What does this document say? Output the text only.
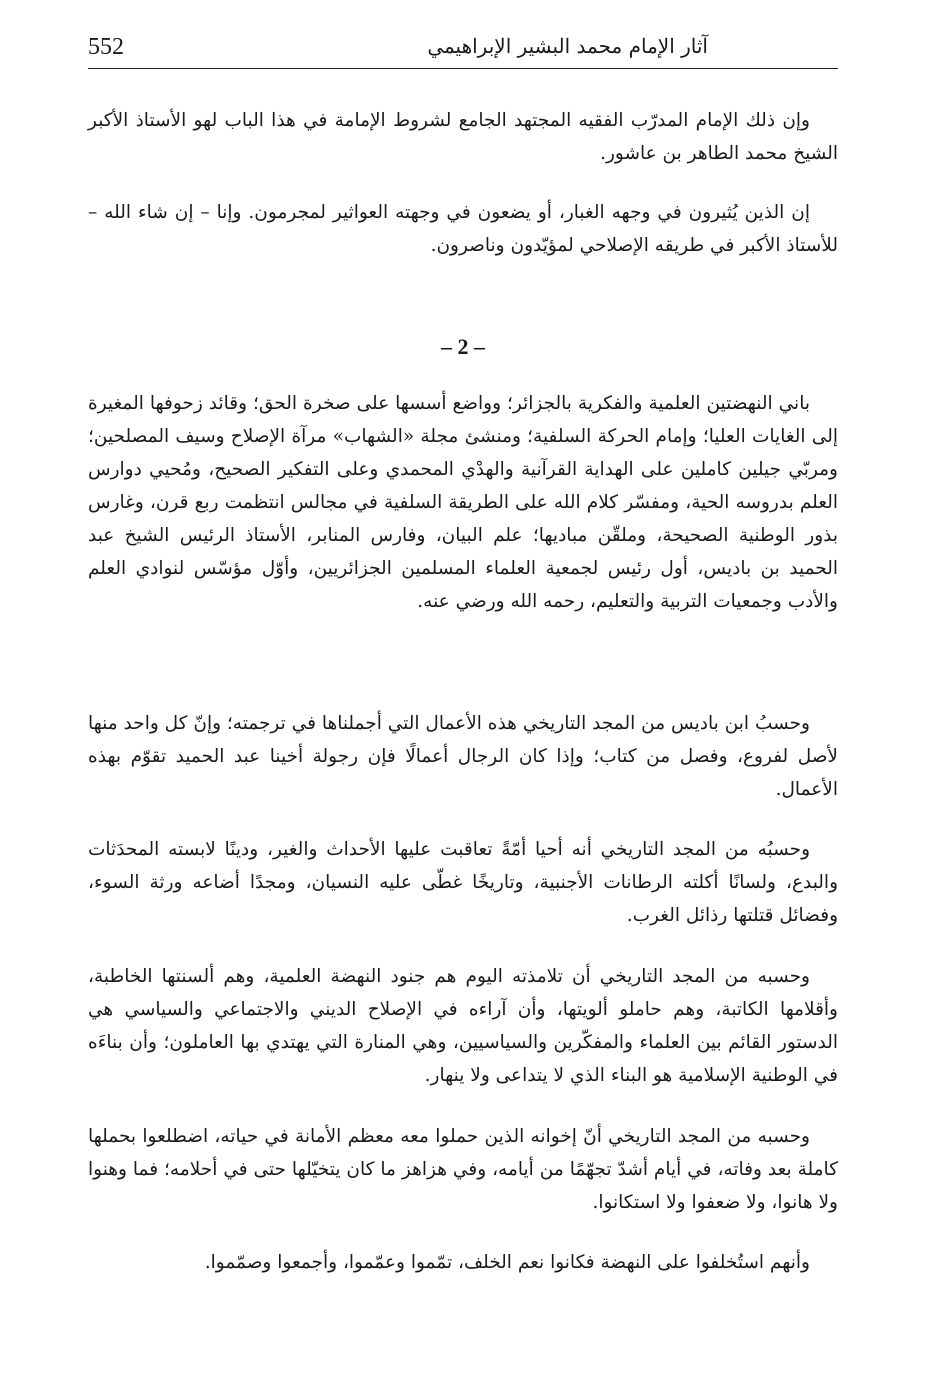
552	آثار الإمام محمد البشير الإبراهيمي

وإن ذلك الإمام المدرّب الفقيه المجتهد الجامع لشروط الإمامة في هذا الباب لهو الأستاذ الأكبر الشيخ محمد الطاهر بن عاشور.

إن الذين يُثيرون في وجهه الغبار، أو يضعون في وجهته العواثير لمجرمون. وإنا – إن شاء الله – للأستاذ الأكبر في طريقه الإصلاحي لمؤيّدون وناصرون.

– 2 –

باني النهضتين العلمية والفكرية بالجزائر؛ وواضع أسسها على صخرة الحق؛ وقائد زحوفها المغيرة إلى الغايات العليا؛ وإمام الحركة السلفية؛ ومنشئ مجلة «الشهاب» مرآة الإصلاح وسيف المصلحين؛ ومربّي جيلين كاملين على الهداية القرآنية والهدْي المحمدي وعلى التفكير الصحيح، ومُحيي دوارس العلم بدروسه الحية، ومفسّر كلام الله على الطريقة السلفية في مجالس انتظمت ربع قرن، وغارس بذور الوطنية الصحيحة، وملقّن مباديها؛ علم البيان، وفارس المنابر، الأستاذ الرئيس الشيخ عبد الحميد بن باديس، أول رئيس لجمعية العلماء المسلمين الجزائريين، وأوّل مؤسّس لنوادي العلم والأدب وجمعيات التربية والتعليم، رحمه الله ورضي عنه.

وحسبُ ابن باديس من المجد التاريخي هذه الأعمال التي أجملناها في ترجمته؛ وإنّ كل واحد منها لأصل لفروع، وفصل من كتاب؛ وإذا كان الرجال أعمالًا فإن رجولة أخينا عبد الحميد تقوّم بهذه الأعمال.

وحسبُه من المجد التاريخي أنه أحيا أمّةً تعاقبت عليها الأحداث والغير، ودينًا لابسته المحدَثات والبدع، ولسانًا أكلته الرطانات الأجنبية، وتاريخًا غطّى عليه النسيان، ومجدًا أضاعه ورثة السوء، وفضائل قتلتها رذائل الغرب.

وحسبه من المجد التاريخي أن تلامذته اليوم هم جنود النهضة العلمية، وهم ألسنتها الخاطبة، وأقلامها الكاتبة، وهم حاملو ألويتها، وأن آراءه في الإصلاح الديني والاجتماعي والسياسي هي الدستور القائم بين العلماء والمفكّرين والسياسيين، وهي المنارة التي يهتدي بها العاملون؛ وأن بناءَه في الوطنية الإسلامية هو البناء الذي لا يتداعى ولا ينهار.

وحسبه من المجد التاريخي أنّ إخوانه الذين حملوا معه معظم الأمانة في حياته، اضطلعوا بحملها كاملة بعد وفاته، في أيام أشدّ تجهّمًا من أيامه، وفي هزاهز ما كان يتخيّلها حتى في أحلامه؛ فما وهنوا ولا هانوا، ولا ضعفوا ولا استكانوا.

وأنهم استُخلفوا على النهضة فكانوا نعم الخلف، تمّموا وعمّموا، وأجمعوا وصمّموا.
